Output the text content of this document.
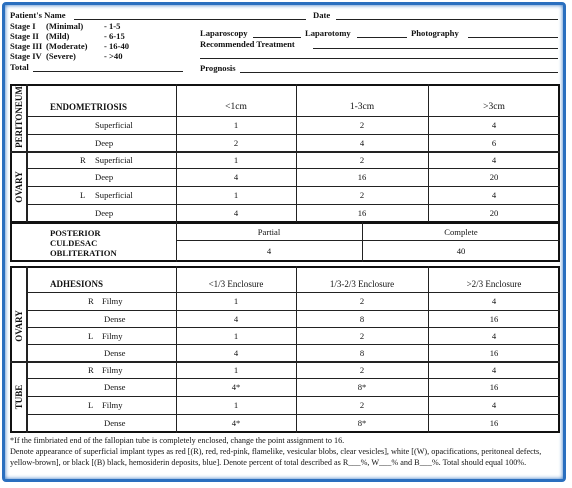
Patient's Name	Date
Stage I (Minimal) - 1-5
Stage II (Mild)	- 6-15
Stage III (Moderate) - 16-40
Stage IV (Severe)	- >40
Total
Laparoscopy	Laparotomy	Photography
Recommended Treatment
Prognosis
PERITONEUM
OVARY
ENDOMETRIOSIS	<1cm	1-3cm	>3cm
Superficial	1	2	4
Deep	2	4	6
R Superficial	1	2	4
Deep	4	16	20
L Superficial	1	2	4
Deep	4	16	20
POSTERIOR
CULDESAC
OBLITERATION
Partial	Complete
4	40
OVARY
TUBE
ADHESIONS	<1/3 Enclosure	1/3-2/3 Enclosure	>2/3 Enclosure
R Filmy	1	2	4
Dense	4	8	16
L Filmy	1	2	4
Dense	4	8	16
R Filmy	1	2	4
Dense	4*	8*	16
L Filmy	1	2	4
Dense	4*	8*	16
*If the fimbriated end of the fallopian tube is completely enclosed, change the point assignment to 16.
Denote appearance of superficial implant types as red [(R), red, red-pink, flamelike, vesicular blobs, clear vesicles], white [(W), opacifications, peritoneal defects, yellow-brown], or black [(B) black, hemosiderin deposits, blue]. Denote percent of total described as R___%, W___% and B___%. Total should equal 100%.
